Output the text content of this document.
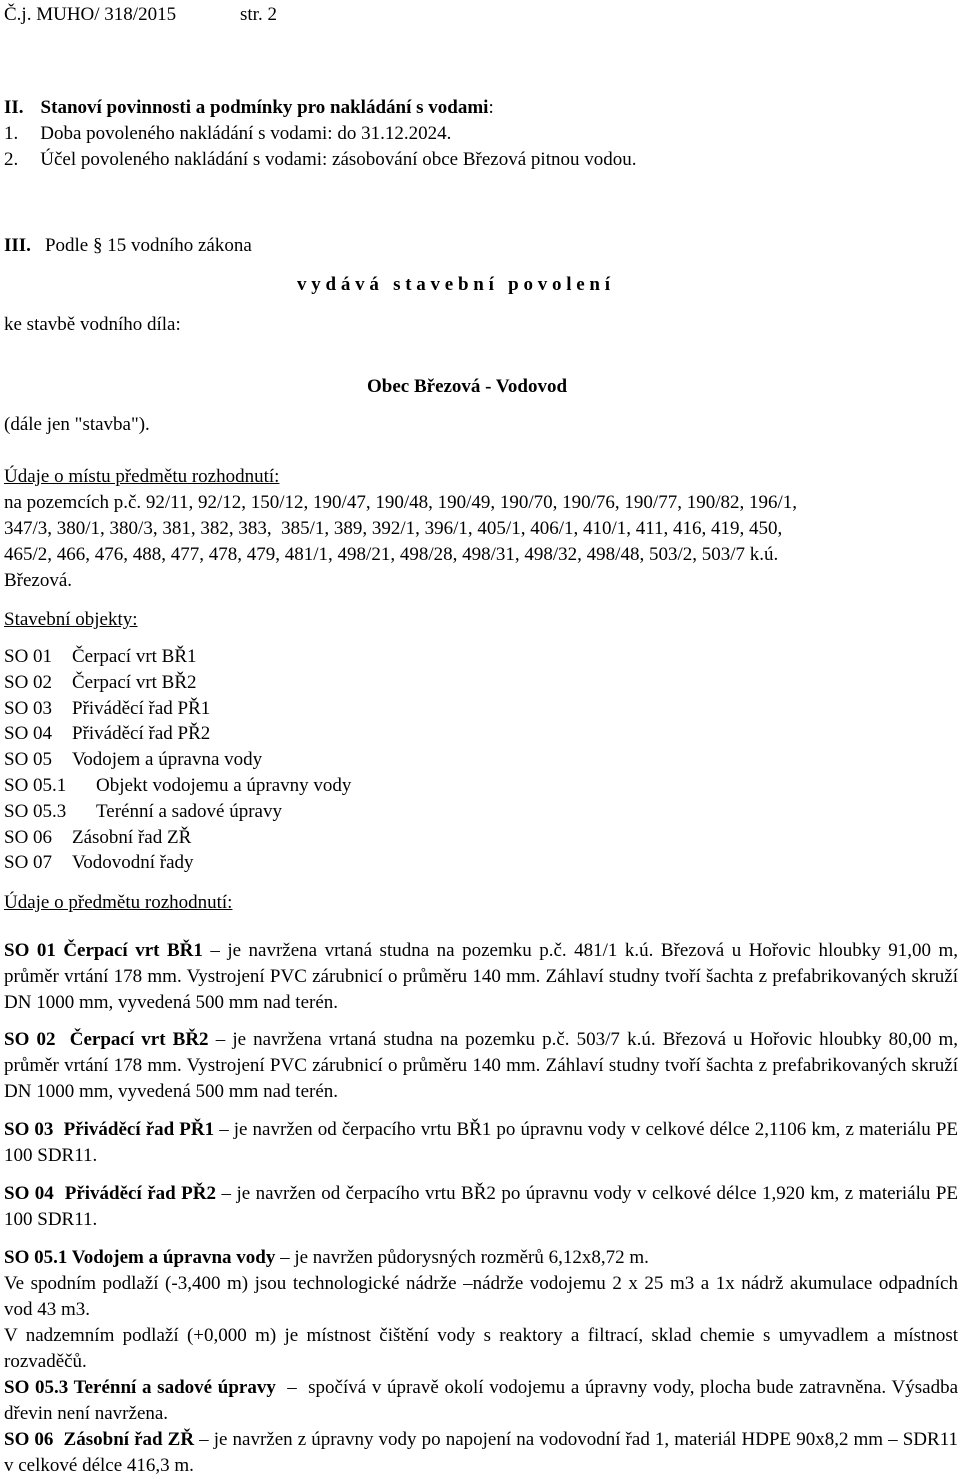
Č.j. MUHO/ 318/2015	str. 2
II. Stanoví povinnosti a podmínky pro nakládání s vodami:
1. Doba povoleného nakládání s vodami: do 31.12.2024.
2. Účel povoleného nakládání s vodami: zásobování obce Březová pitnou vodou.
III. Podle § 15 vodního zákona
v y d á v á   s t a v e b n í   p o v o l e n í
ke stavbě vodního díla:
Obec Březová - Vodovod
(dále jen "stavba").
Údaje o místu předmětu rozhodnutí:
na pozemcích p.č. 92/11, 92/12, 150/12, 190/47, 190/48, 190/49, 190/70, 190/76, 190/77, 190/82, 196/1,
347/3, 380/1, 380/3, 381, 382, 383,  385/1, 389, 392/1, 396/1, 405/1, 406/1, 410/1, 411, 416, 419, 450,
465/2, 466, 476, 488, 477, 478, 479, 481/1, 498/21, 498/28, 498/31, 498/32, 498/48, 503/2, 503/7 k.ú.
Březová.
Stavební objekty:
SO 01 Čerpací vrt BŘ1
SO 02 Čerpací vrt BŘ2
SO 03 Přiváděcí řad PŘ1
SO 04 Přiváděcí řad PŘ2
SO 05 Vodojem a úpravna vody
SO 05.1 Objekt vodojemu a úpravny vody
SO 05.3 Terénní a sadové úpravy
SO 06 Zásobní řad ZŘ
SO 07 Vodovodní řady
Údaje o předmětu rozhodnutí:
SO 01 Čerpací vrt BŘ1 – je navržena vrtaná studna na pozemku p.č. 481/1 k.ú. Březová u Hořovic hloubky 91,00 m, průměr vrtání 178 mm. Vystrojení PVC zárubnicí o průměru 140 mm. Záhlaví studny tvoří šachta z prefabrikovaných skruží DN 1000 mm, vyvedená 500 mm nad terén.
SO 02  Čerpací vrt BŘ2 – je navržena vrtaná studna na pozemku p.č. 503/7 k.ú. Březová u Hořovic hloubky 80,00 m, průměr vrtání 178 mm. Vystrojení PVC zárubnicí o průměru 140 mm. Záhlaví studny tvoří šachta z prefabrikovaných skruží DN 1000 mm, vyvedená 500 mm nad terén.
SO 03  Přiváděcí řad PŘ1 – je navržen od čerpacího vrtu BŘ1 po úpravnu vody v celkové délce 2,1106 km, z materiálu PE 100 SDR11.
SO 04  Přiváděcí řad PŘ2 – je navržen od čerpacího vrtu BŘ2 po úpravnu vody v celkové délce 1,920 km, z materiálu PE 100 SDR11.
SO 05.1 Vodojem a úpravna vody – je navržen půdorysných rozměrů 6,12x8,72 m.
Ve spodním podlaží (-3,400 m) jsou technologické nádrže –nádrže vodojemu 2 x 25 m3 a 1x nádrž akumulace odpadních vod 43 m3.
V nadzemním podlaží (+0,000 m) je místnost čištění vody s reaktory a filtrací, sklad chemie s umyvadlem a místnost rozvaděčů.
SO 05.3 Terénní a sadové úpravy  –  spočívá v úpravě okolí vodojemu a úpravny vody, plocha bude zatravněna. Výsadba dřevin není navržena.
SO 06  Zásobní řad ZŘ – je navržen z úpravny vody po napojení na vodovodní řad 1, materiál HDPE 90x8,2 mm – SDR11 v celkové délce 416,3 m.
